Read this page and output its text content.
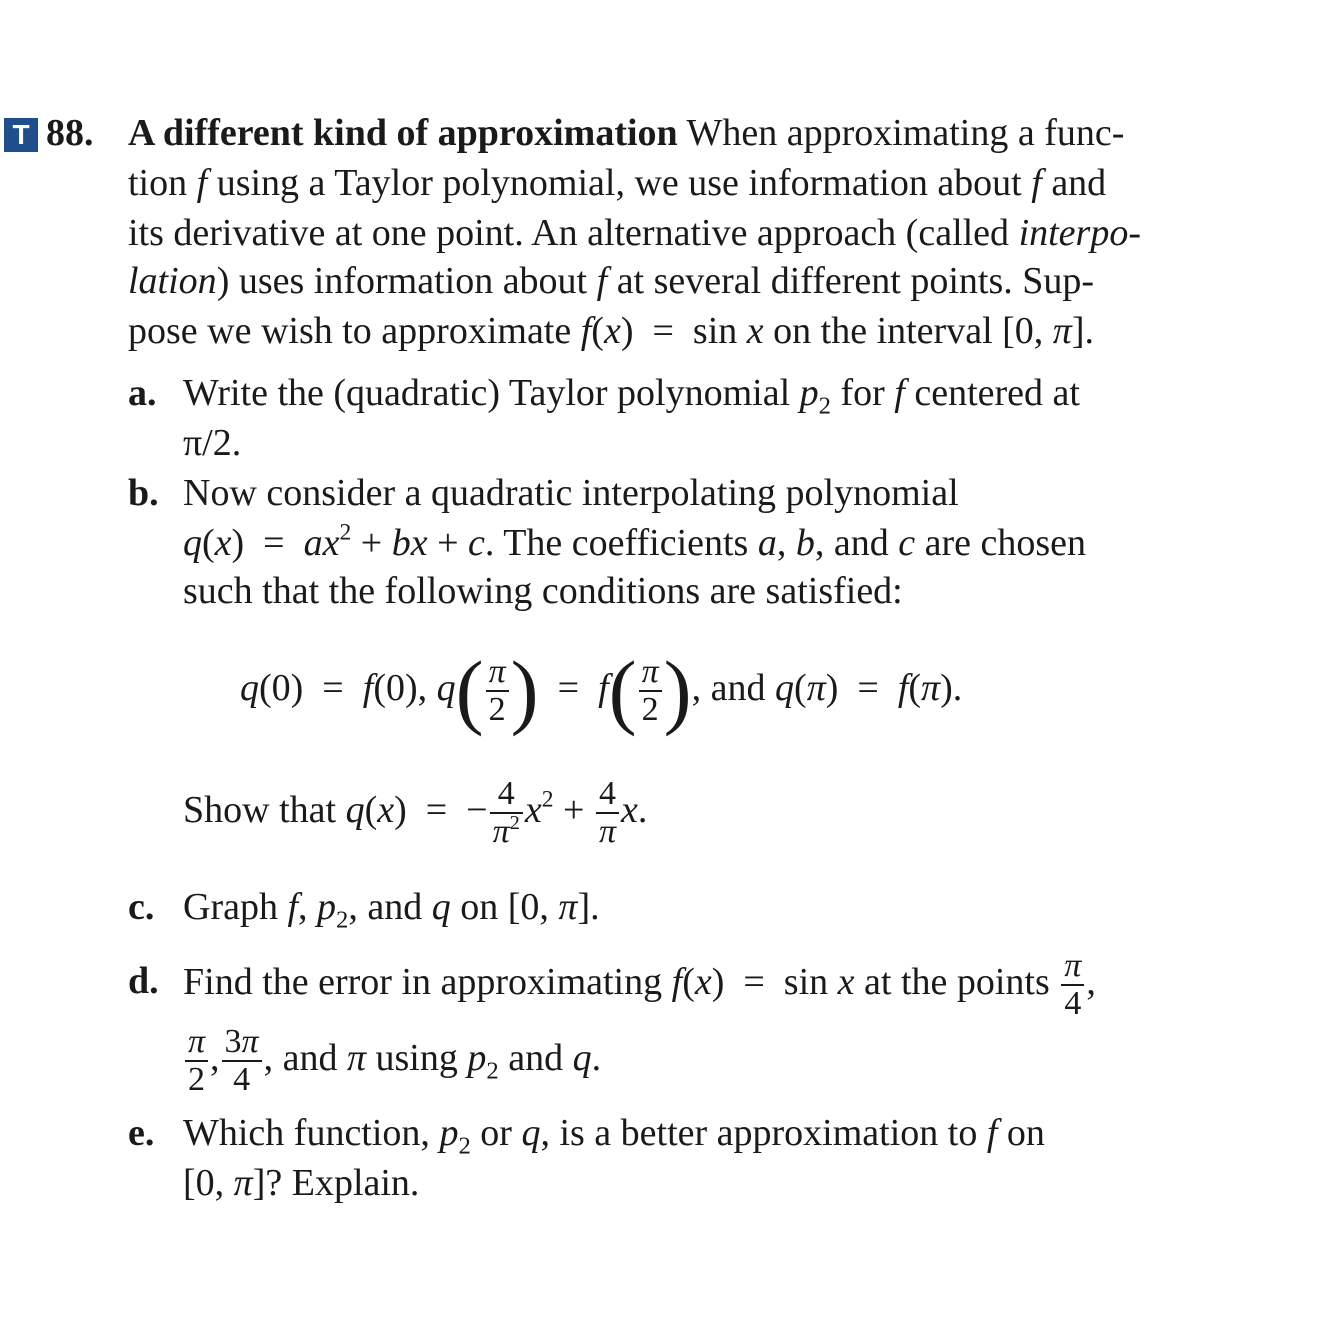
T 88. A different kind of approximation When approximating a func-
tion f using a Taylor polynomial, we use information about f and
its derivative at one point. An alternative approach (called interpo-
lation) uses information about f at several different points. Sup-
pose we wish to approximate f(x)  =  sin x on the interval [0, π].
a. Write the (quadratic) Taylor polynomial $p_2$ for f centered at
π/2.
b. Now consider a quadratic interpolating polynomial
$q(x) = ax^2$ + bx + c. The coefficients a, b, and c are chosen
such that the following conditions are satisfied:
q(0)  =  f(0), $q( \frac{\pi}{2}$ )  =  $f( \frac{\pi}{2}$ ), and q(π)  =  f(π).
Show that q(x)  =  − $\frac{4}{\pi^2} x^2 + \frac{4}{\pi} x$.
c. Graph f, $p_2$, and q on [0, π].
d. Find the error in approximating f(x)  =  sin x at the points $\frac{\pi}{4}$ ,
$\frac{\pi}{2}$ , $\frac{3\pi}{4}$ , and π using $p_2$ and q.
e. Which function, $p_2$ or q, is a better approximation to f on
[0, π]? Explain.
